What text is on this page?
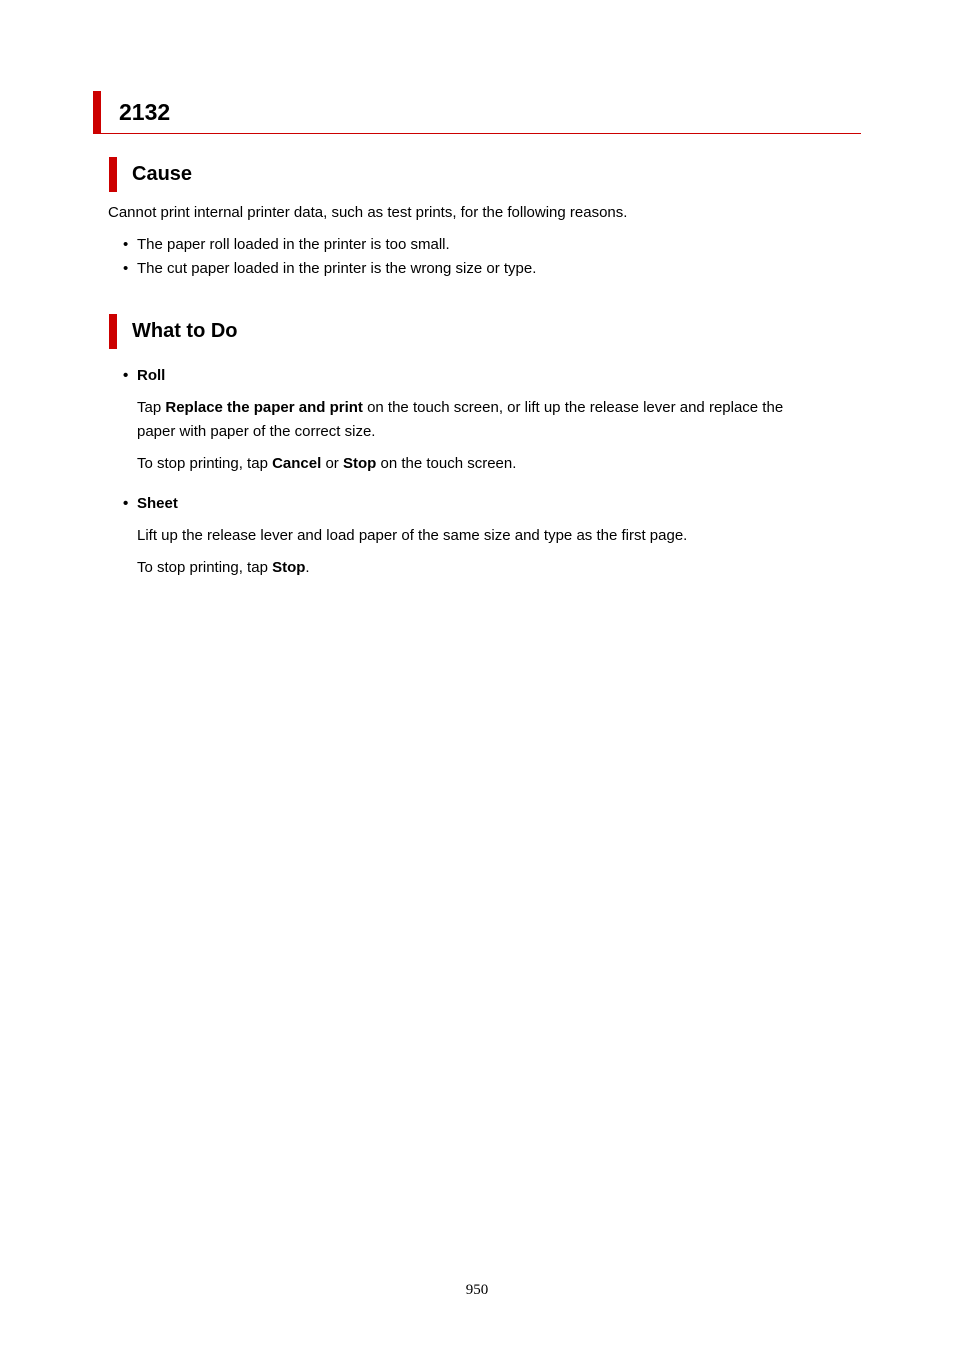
2132
Cause
Cannot print internal printer data, such as test prints, for the following reasons.
• The paper roll loaded in the printer is too small.
• The cut paper loaded in the printer is the wrong size or type.
What to Do
• Roll
Tap Replace the paper and print on the touch screen, or lift up the release lever and replace the
paper with paper of the correct size.
To stop printing, tap Cancel or Stop on the touch screen.
• Sheet
Lift up the release lever and load paper of the same size and type as the first page.
To stop printing, tap Stop.
950
